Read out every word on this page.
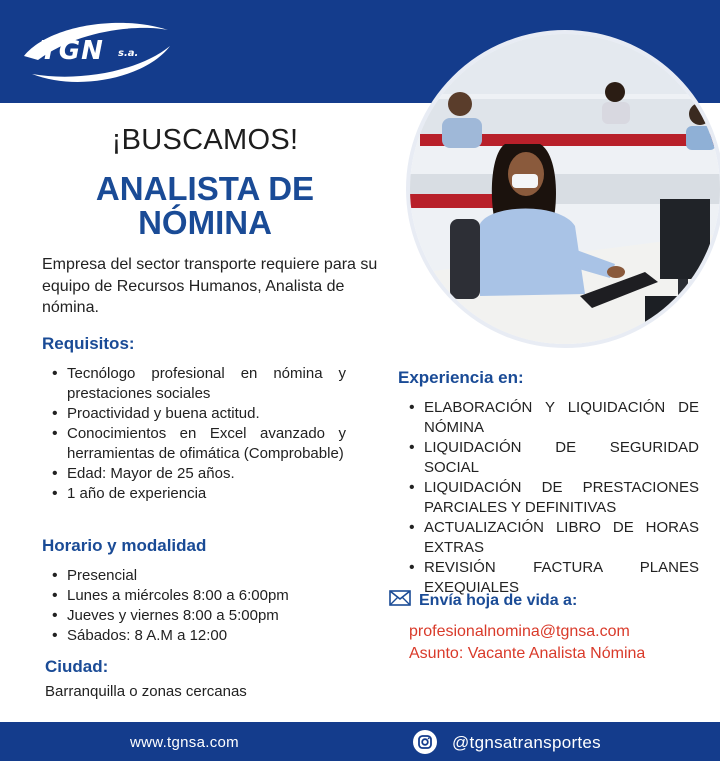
TGN s.a.
¡BUSCAMOS!
ANALISTA DE
NÓMINA

Empresa del sector transporte requiere para su equipo de Recursos Humanos, Analista de nómina.

Requisitos:
• Tecnólogo profesional en nómina y prestaciones sociales
• Proactividad y buena actitud.
• Conocimientos en Excel avanzado y herramientas de ofimática (Comprobable)
• Edad: Mayor de 25 años.
• 1 año de experiencia
Horario y modalidad
• Presencial
• Lunes a miércoles 8:00 a 6:00pm
• Jueves y viernes 8:00 a 5:00pm
• Sábados: 8 A.M a 12:00
Ciudad:
Barranquilla o zonas cercanas
Experiencia en:
• ELABORACIÓN Y LIQUIDACIÓN DE NÓMINA
• LIQUIDACIÓN DE SEGURIDAD SOCIAL
• LIQUIDACIÓN DE PRESTACIONES PARCIALES Y DEFINITIVAS
• ACTUALIZACIÓN LIBRO DE HORAS EXTRAS
• REVISIÓN FACTURA PLANES EXEQUIALES
Envía hoja de vida a:
profesionalnomina@tgnsa.com
Asunto: Vacante Analista Nómina
www.tgnsa.com	@tgnsatransportes
